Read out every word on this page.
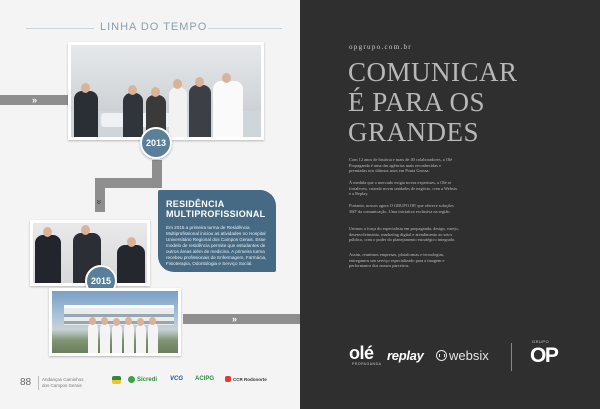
LINHA DO TEMPO
»
»
»
2013
2015
RESIDÊNCIA
MULTIPROFISSIONAL
Em 2015 a primeira turma de Residência Multiprofissional iniciou as atividades no Hospital Universitário Regional dos Campos Gerais. Esse modelo de residência permite que estudantes de outros áreas além de medicina. A primeira turma recebeu profissionais de Enfermagem, Farmácia, Fisioterapia, Odontologia e Serviço Social.
88 Andanças Caminhos dos Campos Gerais
Sicredi VCG ACIPG	CCR Rodonorte
opgrupo.com.br
COMUNICAR
É PARA OS
GRANDES
Com 12 anos de história e mais de 40 colaboradores, a Olé Propaganda é uma das agências mais reconhecidas e premiadas nos últimos anos em Ponta Grossa.
À medida que o mercado exigia novas expertises, a Olé se fortaleceu, criando novas unidades de negócio, com a Websix e a Replay.
Portanto, nossos agora O GRUPO OP, que oferece soluções 360º da comunicação. Uma iniciativa exclusiva na região.
Unimos a força do especialista em propaganda, design, varejo, desenvolvimento, marketing digital e atendimento ao setor público, com o poder do planejamento estratégico integrado.
Assim, reunimos empresas, plataformas e tecnologias, entregamos um serviço especializado para a imagem e performance dos nossos parceiros.
olé
PROPAGANDA
replay websix
GRUPO
OP
